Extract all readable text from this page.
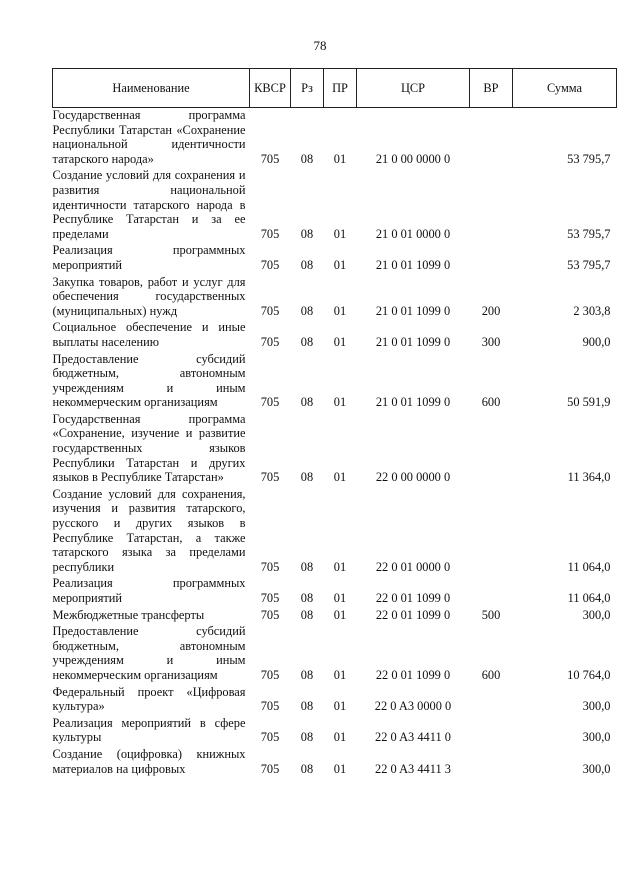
78
Наименование	КВСР	Рз	ПР	ЦСР	ВР	Сумма
Государственная программа Республики Татарстан «Сохранение национальной идентичности татарского народа»	705	08	01	21 0 00 0000 0		53 795,7
Создание условий для сохранения и развития национальной идентичности татарского народа в Республике Татарстан и за ее пределами	705	08	01	21 0 01 0000 0		53 795,7
Реализация программных мероприятий	705	08	01	21 0 01 1099 0		53 795,7
Закупка товаров, работ и услуг для обеспечения государственных (муниципальных) нужд	705	08	01	21 0 01 1099 0	200	2 303,8
Социальное обеспечение и иные выплаты населению	705	08	01	21 0 01 1099 0	300	900,0
Предоставление субсидий бюджетным, автономным учреждениям и иным некоммерческим организациям	705	08	01	21 0 01 1099 0	600	50 591,9
Государственная программа «Сохранение, изучение и развитие государственных языков Республики Татарстан и других языков в Республике Татарстан»	705	08	01	22 0 00 0000 0		11 364,0
Создание условий для сохранения, изучения и развития татарского, русского и других языков в Республике Татарстан, а также татарского языка за пределами республики	705	08	01	22 0 01 0000 0		11 064,0
Реализация программных мероприятий	705	08	01	22 0 01 1099 0		11 064,0
Межбюджетные трансферты	705	08	01	22 0 01 1099 0	500	300,0
Предоставление субсидий бюджетным, автономным учреждениям и иным некоммерческим организациям	705	08	01	22 0 01 1099 0	600	10 764,0
Федеральный проект «Цифровая культура»	705	08	01	22 0 A3 0000 0		300,0
Реализация мероприятий в сфере культуры	705	08	01	22 0 A3 4411 0		300,0
Создание (оцифровка) книжных материалов на цифровых	705	08	01	22 0 A3 4411 3		300,0
